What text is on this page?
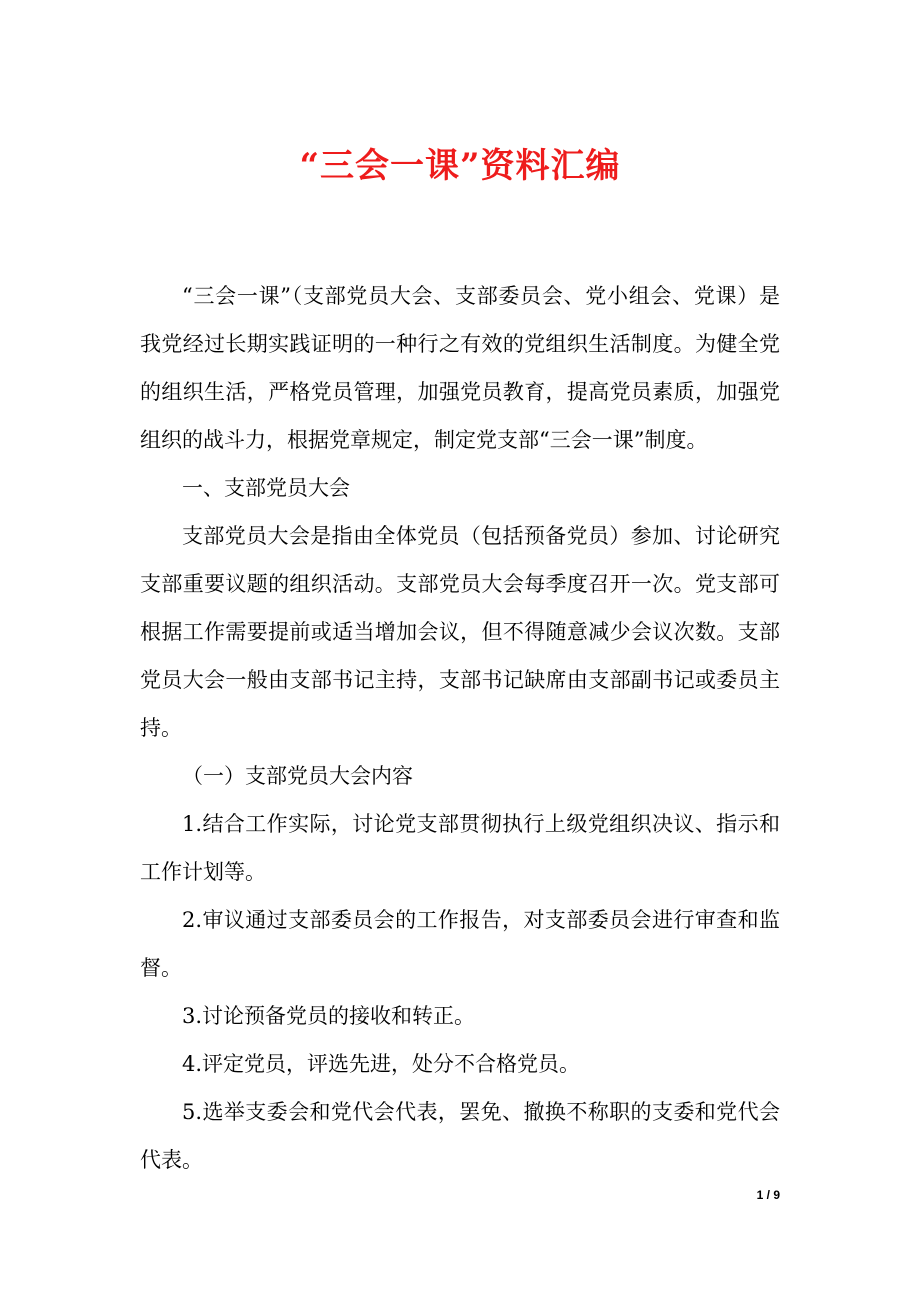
“三会一课”资料汇编

“三会一课”（支部党员大会、支部委员会、党小组会、党课）是我党经过长期实践证明的一种行之有效的党组织生活制度。为健全党的组织生活，严格党员管理，加强党员教育，提高党员素质，加强党组织的战斗力，根据党章规定，制定党支部“三会一课”制度。

一、支部党员大会

支部党员大会是指由全体党员（包括预备党员）参加、讨论研究支部重要议题的组织活动。支部党员大会每季度召开一次。党支部可根据工作需要提前或适当增加会议，但不得随意减少会议次数。支部党员大会一般由支部书记主持，支部书记缺席由支部副书记或委员主持。

（一）支部党员大会内容

1.结合工作实际，讨论党支部贯彻执行上级党组织决议、指示和工作计划等。

2.审议通过支部委员会的工作报告，对支部委员会进行审查和监督。

3.讨论预备党员的接收和转正。

4.评定党员，评选先进，处分不合格党员。

5.选举支委会和党代会代表，罢免、撤换不称职的支委和党代会代表。

1 / 9
